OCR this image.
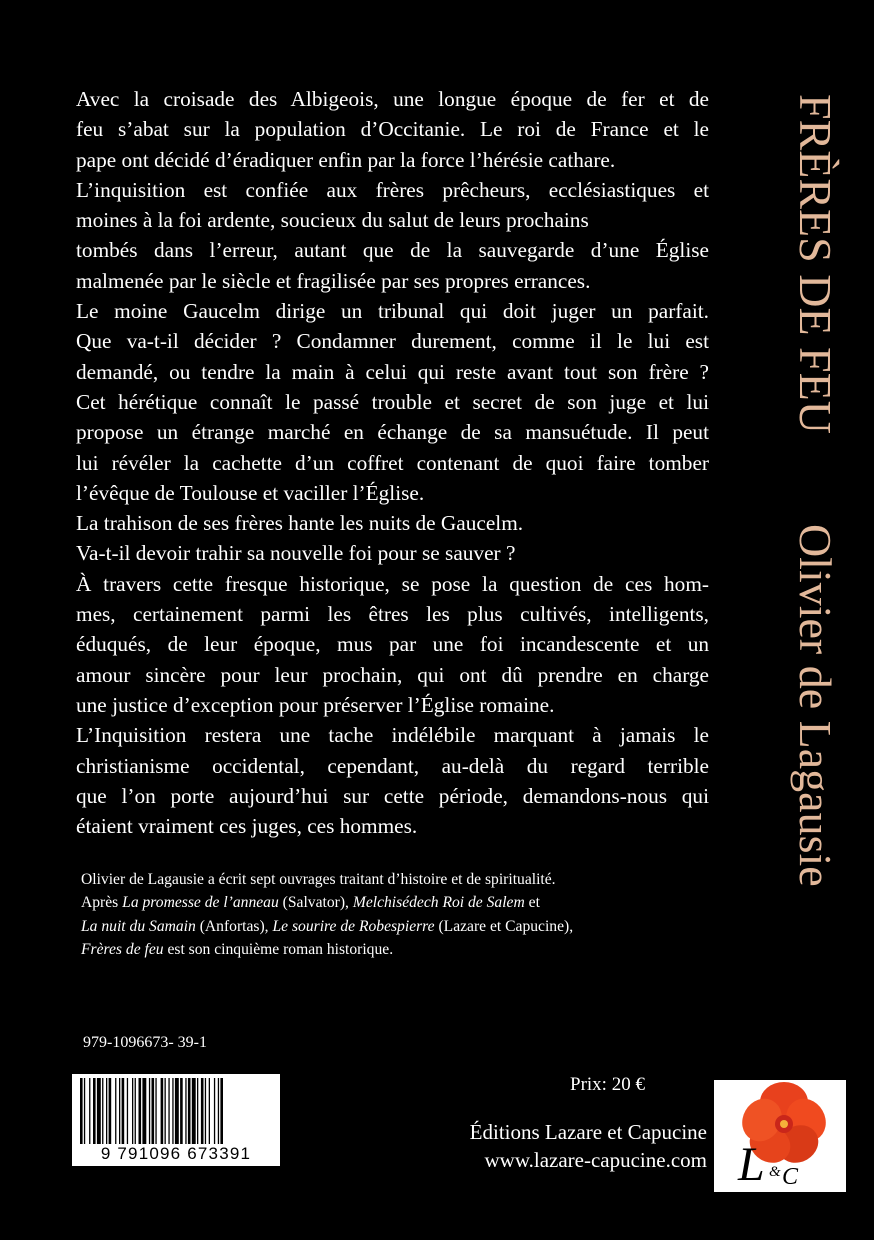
Avec la croisade des Albigeois, une longue époque de fer et de

feu s’abat sur la population d’Occitanie. Le roi de France et le

pape ont décidé d’éradiquer enfin par la force l’hérésie cathare.

L’inquisition est confiée aux frères prêcheurs, ecclésiastiques et

moines à la foi ardente, soucieux du salut de leurs prochains

tombés dans l’erreur, autant que de la sauvegarde d’une Église

malmenée par le siècle et fragilisée par ses propres errances.

Le moine Gaucelm dirige un tribunal qui doit juger un parfait.

Que va-t-il décider ? Condamner durement, comme il le lui est

demandé, ou tendre la main à celui qui reste avant tout son frère ?

Cet hérétique connaît le passé trouble et secret de son juge et lui

propose un étrange marché en échange de sa mansuétude. Il peut

lui révéler la cachette d’un coffret contenant de quoi faire tomber

l’évêque de Toulouse et vaciller l’Église.

La trahison de ses frères hante les nuits de Gaucelm.

Va-t-il devoir trahir sa nouvelle foi pour se sauver ?

À travers cette fresque historique, se pose la question de ces hom-

mes, certainement parmi les êtres les plus cultivés, intelligents,

éduqués, de leur époque, mus par une foi incandescente et un

amour sincère pour leur prochain, qui ont dû prendre en charge

une justice d’exception pour préserver l’Église romaine.

L’Inquisition restera une tache indélébile marquant à jamais le

christianisme occidental, cependant, au-delà du regard terrible

que l’on porte aujourd’hui sur cette période, demandons-nous qui

étaient vraiment ces juges, ces hommes.

Olivier de Lagausie a écrit sept ouvrages traitant d’histoire et de spiritualité.

Après La promesse de l’anneau (Salvator), Melchisédech Roi de Salem et

La nuit du Samain (Anfortas), Le sourire de Robespierre (Lazare et Capucine),

Frères de feu est son cinquième roman historique.

FRÈRES DE FEUOlivier de Lagausie
979-1096673- 39-1
9 791096 673391
Prix: 20 €
Éditions Lazare et Capucine
www.lazare-capucine.com L & C
